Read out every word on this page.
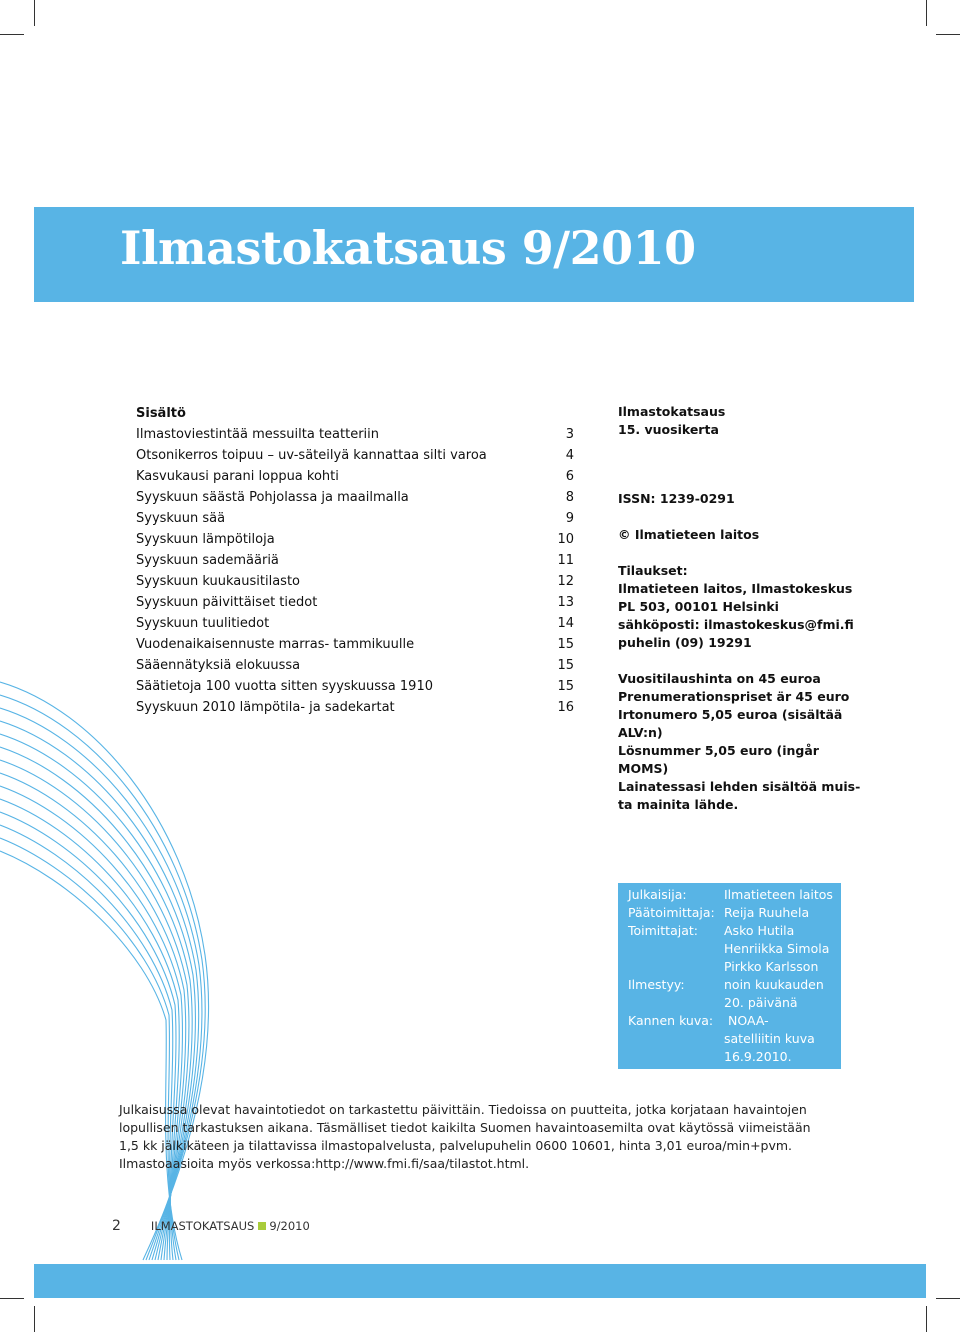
Ilmastokatsaus 9/2010
Sisältö
Ilmastoviestintää messuilta teatteriin	3
Otsonikerros toipuu – uv-säteilyä kannattaa silti varoa	4
Kasvukausi parani loppua kohti	6
Syyskuun säästä Pohjolassa ja maailmalla	8
Syyskuun sää	9
Syyskuun lämpötiloja	10
Syyskuun sademääriä	11
Syyskuun kuukausitilasto	12
Syyskuun päivittäiset tiedot	13
Syyskuun tuulitiedot	14
Vuodenaikaisennuste marras- tammikuulle	15
Sääennätyksiä elokuussa	15
Säätietoja 100 vuotta sitten syyskuussa 1910	15
Syyskuun 2010 lämpötila- ja sadekartat	16
Ilmastokatsaus
15. vuosikerta
ISSN: 1239-0291
© Ilmatieteen laitos
Tilaukset:
Ilmatieteen laitos, Ilmastokeskus
PL 503, 00101 Helsinki
sähköposti: ilmastokeskus@fmi.fi
puhelin (09) 19291
Vuositilaushinta on 45 euroa
Prenumerationspriset är 45 euro
Irtonumero 5,05 euroa (sisältää
ALV:n)
Lösnummer 5,05 euro (ingår
MOMS)
Lainatessasi lehden sisältöä muis-
ta mainita lähde.
Julkaisija:	Ilmatieteen laitos
Päätoimittaja: Reija Ruuhela
Toimittajat: Asko Hutila
Henriikka Simola
Pirkko Karlsson
Ilmestyy:	noin kuukauden
20. päivänä
Kannen kuva: NOAA-
satelliitin kuva
16.9.2010.
Julkaisussa olevat havaintotiedot on tarkastettu päivittäin. Tiedoissa on puutteita, jotka korjataan havaintojen
lopullisen tarkastuksen aikana. Täsmälliset tiedot kaikilta Suomen havaintoasemilta ovat käytössä viimeistään
1,5 kk jälkikäteen ja tilattavissa ilmastopalvelusta, palvelupuhelin 0600 10601, hinta 3,01 euroa/min+pvm.
Ilmastoaasioita myös verkossa:http://www.fmi.fi/saa/tilastot.html.
2	ILMASTOKATSAUS 9/2010
